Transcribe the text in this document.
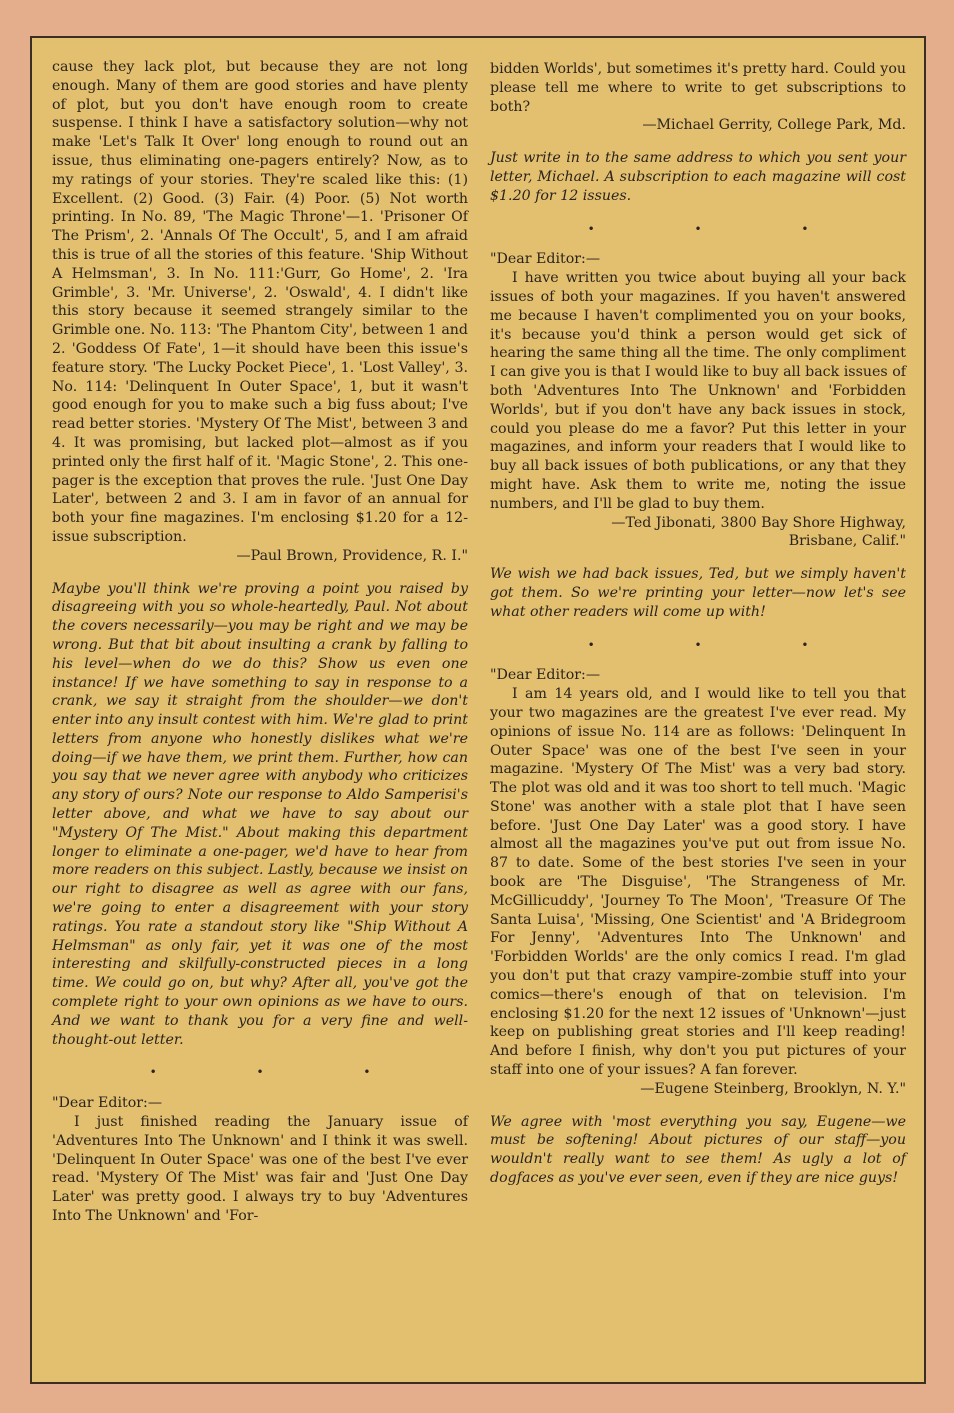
cause they lack plot, but because they are not long enough. Many of them are good stories and have plenty of plot, but you don't have enough room to create suspense. I think I have a satisfactory solution—why not make 'Let's Talk It Over' long enough to round out an issue, thus eliminating one-pagers entirely? Now, as to my ratings of your stories. They're scaled like this: (1) Excellent. (2) Good. (3) Fair. (4) Poor. (5) Not worth printing. In No. 89, 'The Magic Throne'—1. 'Prisoner Of The Prism', 2. 'Annals Of The Occult', 5, and I am afraid this is true of all the stories of this feature. 'Ship Without A Helmsman', 3. In No. 111:'Gurr, Go Home', 2. 'Ira Grimble', 3. 'Mr. Universe', 2. 'Oswald', 4. I didn't like this story because it seemed strangely similar to the Grimble one. No. 113: 'The Phantom City', between 1 and 2. 'Goddess Of Fate', 1—it should have been this issue's feature story. 'The Lucky Pocket Piece', 1. 'Lost Valley', 3. No. 114: 'Delinquent In Outer Space', 1, but it wasn't good enough for you to make such a big fuss about; I've read better stories. 'Mystery Of The Mist', between 3 and 4. It was promising, but lacked plot—almost as if you printed only the first half of it. 'Magic Stone', 2. This one-pager is the exception that proves the rule. 'Just One Day Later', between 2 and 3. I am in favor of an annual for both your fine magazines. I'm enclosing $1.20 for a 12-issue subscription.

—Paul Brown, Providence, R. I."

Maybe you'll think we're proving a point you raised by disagreeing with you so whole-heartedly, Paul. Not about the covers necessarily—you may be right and we may be wrong. But that bit about insulting a crank by falling to his level—when do we do this? Show us even one instance! If we have something to say in response to a crank, we say it straight from the shoulder—we don't enter into any insult contest with him. We're glad to print letters from anyone who honestly dislikes what we're doing—if we have them, we print them. Further, how can you say that we never agree with anybody who criticizes any story of ours? Note our response to Aldo Samperisi's letter above, and what we have to say about our "Mystery Of The Mist." About making this department longer to eliminate a one-pager, we'd have to hear from more readers on this subject. Lastly, because we insist on our right to disagree as well as agree with our fans, we're going to enter a disagreement with your story ratings. You rate a standout story like "Ship Without A Helmsman" as only fair, yet it was one of the most interesting and skilfully-constructed pieces in a long time. We could go on, but why? After all, you've got the complete right to your own opinions as we have to ours. And we want to thank you for a very fine and well-thought-out letter.

• • •

"Dear Editor:—

I just finished reading the January issue of 'Adventures Into The Unknown' and I think it was swell. 'Delinquent In Outer Space' was one of the best I've ever read. 'Mystery Of The Mist' was fair and 'Just One Day Later' was pretty good. I always try to buy 'Adventures Into The Unknown' and 'For-

bidden Worlds', but sometimes it's pretty hard. Could you please tell me where to write to get subscriptions to both?

—Michael Gerrity, College Park, Md.

Just write in to the same address to which you sent your letter, Michael. A subscription to each magazine will cost $1.20 for 12 issues.

• • •

"Dear Editor:—

I have written you twice about buying all your back issues of both your magazines. If you haven't answered me because I haven't complimented you on your books, it's because you'd think a person would get sick of hearing the same thing all the time. The only compliment I can give you is that I would like to buy all back issues of both 'Adventures Into The Unknown' and 'Forbidden Worlds', but if you don't have any back issues in stock, could you please do me a favor? Put this letter in your magazines, and inform your readers that I would like to buy all back issues of both publications, or any that they might have. Ask them to write me, noting the issue numbers, and I'll be glad to buy them.

—Ted Jibonati, 3800 Bay Shore Highway,

Brisbane, Calif."

We wish we had back issues, Ted, but we simply haven't got them. So we're printing your letter—now let's see what other readers will come up with!

• • •

"Dear Editor:—

I am 14 years old, and I would like to tell you that your two magazines are the greatest I've ever read. My opinions of issue No. 114 are as follows: 'Delinquent In Outer Space' was one of the best I've seen in your magazine. 'Mystery Of The Mist' was a very bad story. The plot was old and it was too short to tell much. 'Magic Stone' was another with a stale plot that I have seen before. 'Just One Day Later' was a good story. I have almost all the magazines you've put out from issue No. 87 to date. Some of the best stories I've seen in your book are 'The Disguise', 'The Strangeness of Mr. McGillicuddy', 'Journey To The Moon', 'Treasure Of The Santa Luisa', 'Missing, One Scientist' and 'A Bridegroom For Jenny', 'Adventures Into The Unknown' and 'Forbidden Worlds' are the only comics I read. I'm glad you don't put that crazy vampire-zombie stuff into your comics—there's enough of that on television. I'm enclosing $1.20 for the next 12 issues of 'Unknown'—just keep on publishing great stories and I'll keep reading! And before I finish, why don't you put pictures of your staff into one of your issues? A fan forever.

—Eugene Steinberg, Brooklyn, N. Y."

We agree with 'most everything you say, Eugene—we must be softening! About pictures of our staff—you wouldn't really want to see them! As ugly a lot of dogfaces as you've ever seen, even if they are nice guys!
